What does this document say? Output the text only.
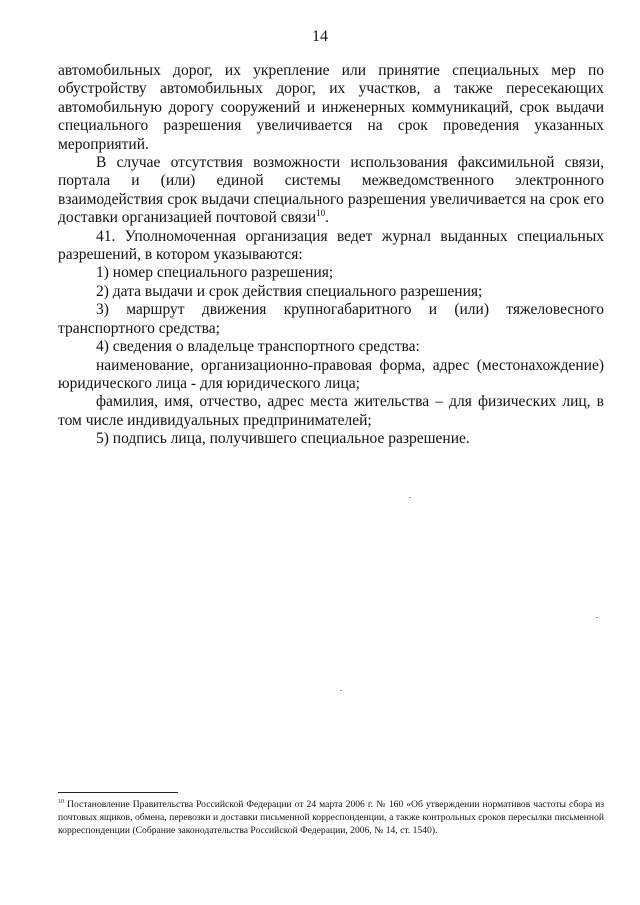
14

автомобильных дорог, их укрепление или принятие специальных мер по обустройству автомобильных дорог, их участков, а также пересекающих автомобильную дорогу сооружений и инженерных коммуникаций, срок выдачи специального разрешения увеличивается на срок проведения указанных мероприятий.

В случае отсутствия возможности использования факсимильной связи, портала и (или) единой системы межведомственного электронного взаимодействия срок выдачи специального разрешения увеличивается на срок его доставки организацией почтовой связи$^{10}$.

41. Уполномоченная организация ведет журнал выданных специальных разрешений, в котором указываются:

1) номер специального разрешения;

2) дата выдачи и срок действия специального разрешения;

3) маршрут движения крупногабаритного и (или) тяжеловесного транспортного средства;

4) сведения о владельце транспортного средства:

наименование, организационно-правовая форма, адрес (местонахождение) юридического лица - для юридического лица;

фамилия, имя, отчество, адрес места жительства – для физических лиц, в том числе индивидуальных предпринимателей;

5) подпись лица, получившего специальное разрешение.

$^{10}$ Постановление Правительства Российской Федерации от 24 марта 2006 г. № 160 «Об утверждении нормативов частоты сбора из почтовых ящиков, обмена, перевозки и доставки письменной корреспонденции, а также контрольных сроков пересылки письменной корреспонденции (Собрание законодательства Российской Федерации, 2006, № 14, ст. 1540).
